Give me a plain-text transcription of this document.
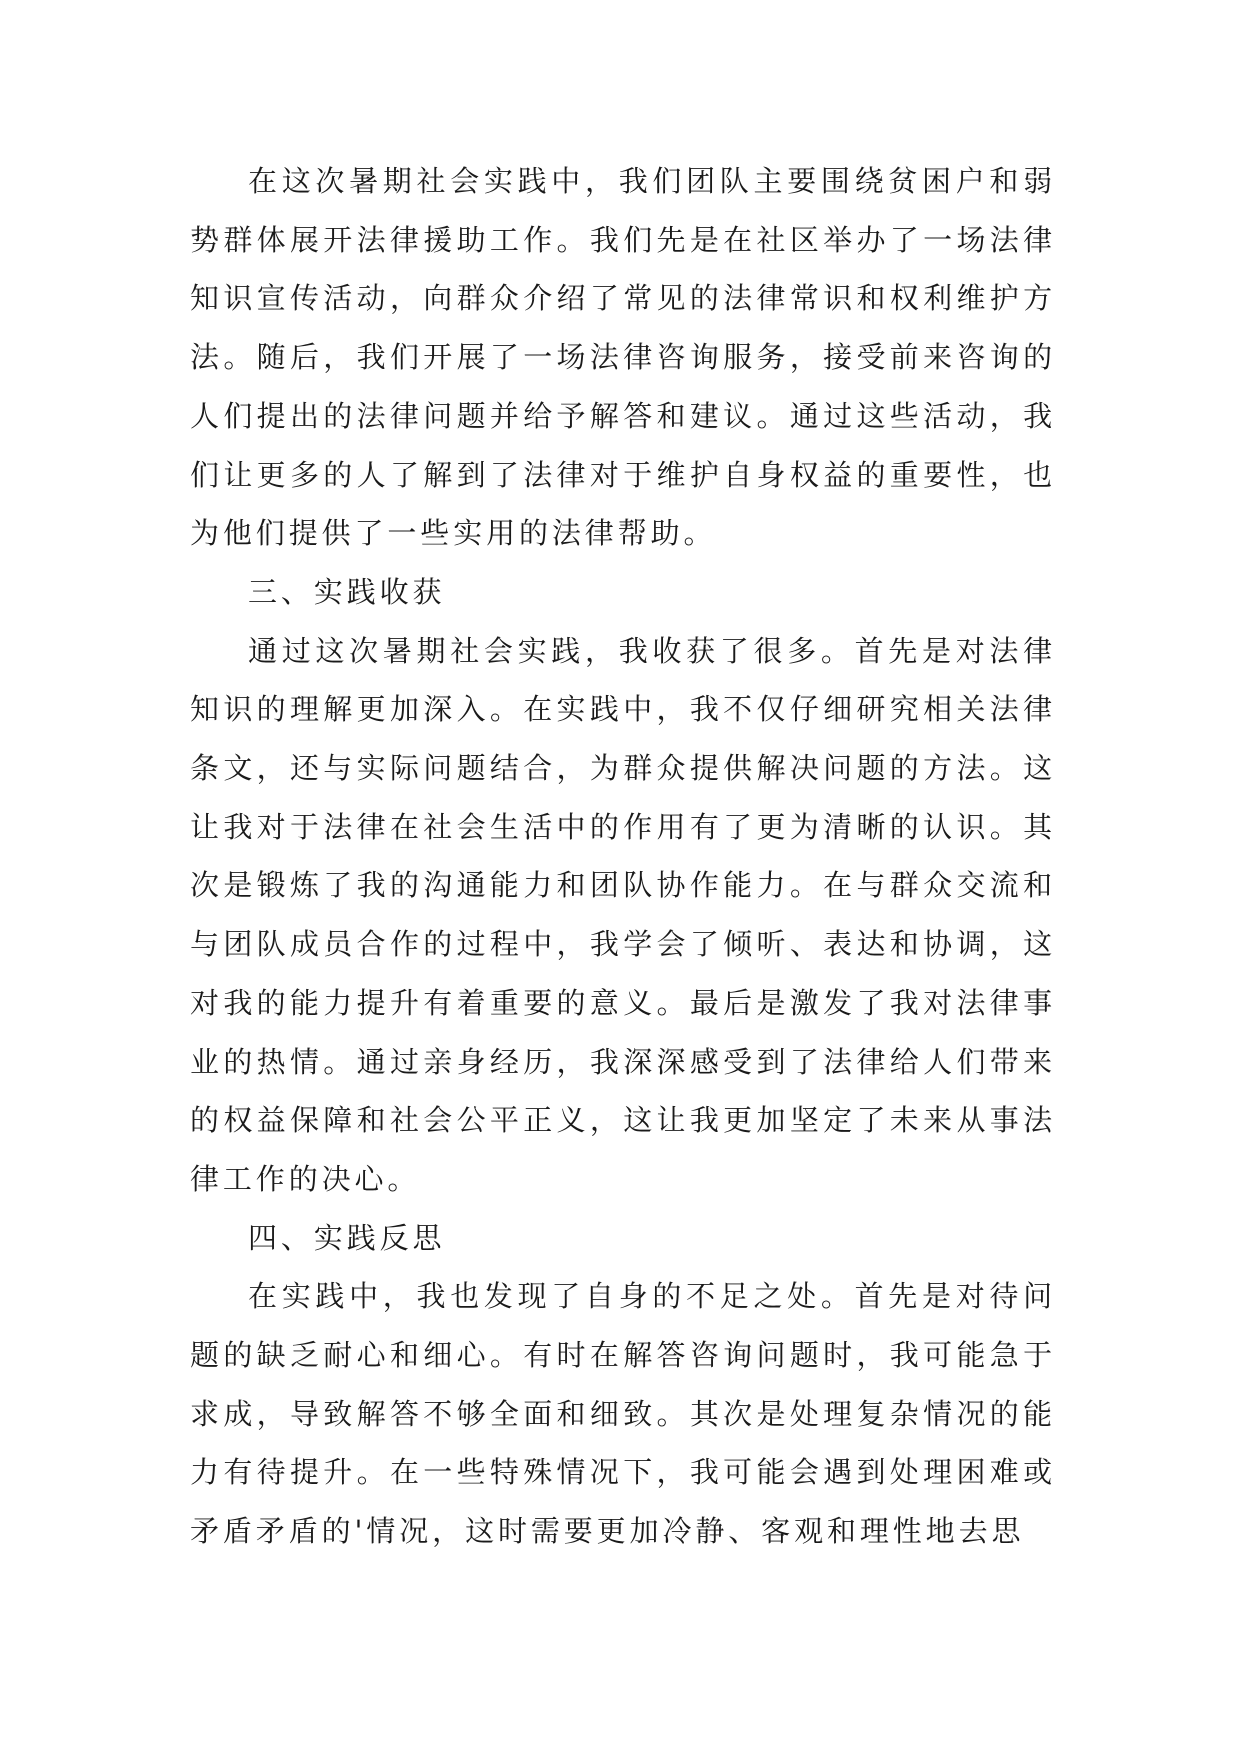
在这次暑期社会实践中，我们团队主要围绕贫困户和弱势群体展开法律援助工作。我们先是在社区举办了一场法律知识宣传活动，向群众介绍了常见的法律常识和权利维护方法。随后，我们开展了一场法律咨询服务，接受前来咨询的人们提出的法律问题并给予解答和建议。通过这些活动，我们让更多的人了解到了法律对于维护自身权益的重要性，也为他们提供了一些实用的法律帮助。

三、实践收获

通过这次暑期社会实践，我收获了很多。首先是对法律知识的理解更加深入。在实践中，我不仅仔细研究相关法律条文，还与实际问题结合，为群众提供解决问题的方法。这让我对于法律在社会生活中的作用有了更为清晰的认识。其次是锻炼了我的沟通能力和团队协作能力。在与群众交流和与团队成员合作的过程中，我学会了倾听、表达和协调，这对我的能力提升有着重要的意义。最后是激发了我对法律事业的热情。通过亲身经历，我深深感受到了法律给人们带来的权益保障和社会公平正义，这让我更加坚定了未来从事法律工作的决心。

四、实践反思

在实践中，我也发现了自身的不足之处。首先是对待问题的缺乏耐心和细心。有时在解答咨询问题时，我可能急于求成，导致解答不够全面和细致。其次是处理复杂情况的能力有待提升。在一些特殊情况下，我可能会遇到处理困难或矛盾矛盾的'情况，这时需要更加冷静、客观和理性地去思
